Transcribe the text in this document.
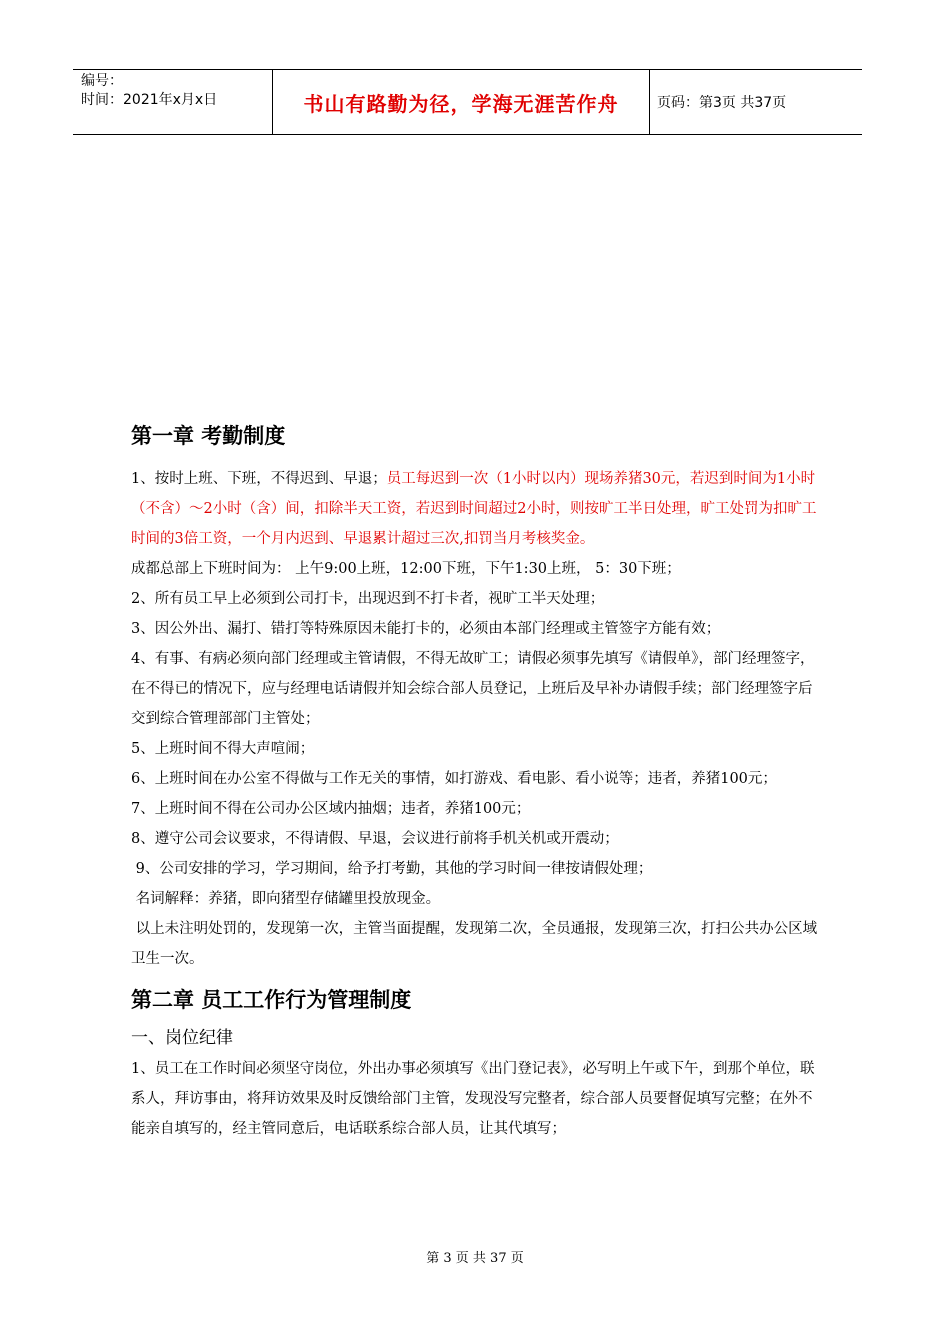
编号：
时间：2021年x月x日	书山有路勤为径，学海无涯苦作舟	页码：第3页 共37页
第一章 考勤制度

1、按时上班、下班，不得迟到、早退；员工每迟到一次（1小时以内）现场养猪30元，若迟到时间为1小时（不含）～2小时（含）间，扣除半天工资，若迟到时间超过2小时，则按旷工半日处理，旷工处罚为扣旷工时间的3倍工资，一个月内迟到、早退累计超过三次,扣罚当月考核奖金。

成都总部上下班时间为： 上午9:00上班，12:00下班，下午1:30上班， 5：30下班；

2、所有员工早上必须到公司打卡，出现迟到不打卡者，视旷工半天处理；

3、因公外出、漏打、错打等特殊原因未能打卡的，必须由本部门经理或主管签字方能有效；

4、有事、有病必须向部门经理或主管请假，不得无故旷工；请假必须事先填写《请假单》，部门经理签字，在不得已的情况下，应与经理电话请假并知会综合部人员登记，上班后及早补办请假手续；部门经理签字后交到综合管理部部门主管处；

5、上班时间不得大声喧闹；

6、上班时间在办公室不得做与工作无关的事情，如打游戏、看电影、看小说等；违者，养猪100元；

7、上班时间不得在公司办公区域内抽烟；违者，养猪100元；

8、遵守公司会议要求，不得请假、早退，会议进行前将手机关机或开震动；

9、公司安排的学习，学习期间，给予打考勤，其他的学习时间一律按请假处理；

名词解释：养猪，即向猪型存储罐里投放现金。

以上未注明处罚的，发现第一次，主管当面提醒，发现第二次，全员通报，发现第三次，打扫公共办公区域卫生一次。

第二章 员工工作行为管理制度
一、岗位纪律

1、员工在工作时间必须坚守岗位，外出办事必须填写《出门登记表》，必写明上午或下午，到那个单位，联系人，拜访事由，将拜访效果及时反馈给部门主管，发现没写完整者，综合部人员要督促填写完整；在外不能亲自填写的，经主管同意后，电话联系综合部人员，让其代填写；

第 3 页 共 37 页
